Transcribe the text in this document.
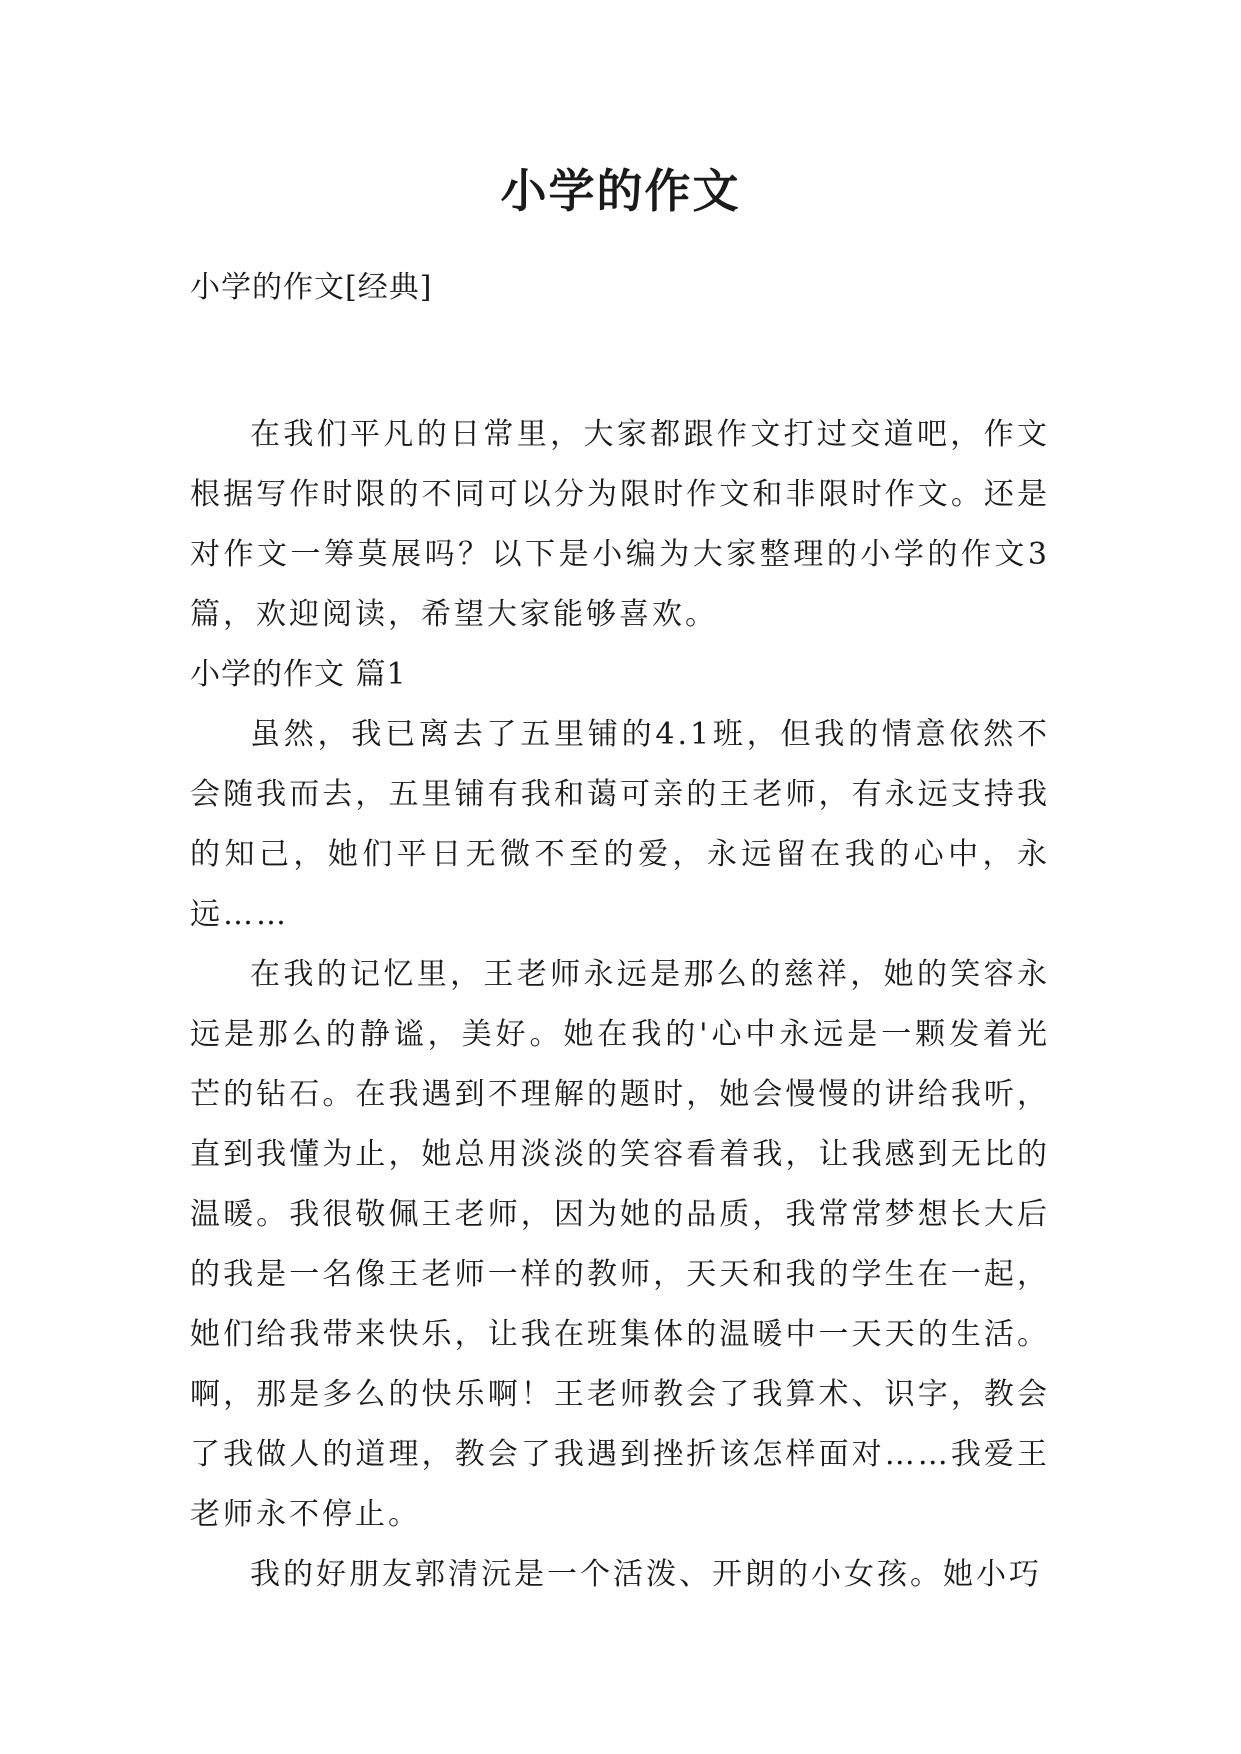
小学的作文
小学的作文[经典]

在我们平凡的日常里，大家都跟作文打过交道吧，作文根据写作时限的不同可以分为限时作文和非限时作文。还是对作文一筹莫展吗？以下是小编为大家整理的小学的作文3篇，欢迎阅读，希望大家能够喜欢。

小学的作文 篇1

虽然，我已离去了五里铺的4.1班，但我的情意依然不会随我而去，五里铺有我和蔼可亲的王老师，有永远支持我的知己，她们平日无微不至的爱，永远留在我的心中，永远……

在我的记忆里，王老师永远是那么的慈祥，她的笑容永远是那么的静谧，美好。她在我的'心中永远是一颗发着光芒的钻石。在我遇到不理解的题时，她会慢慢的讲给我听，直到我懂为止，她总用淡淡的笑容看着我，让我感到无比的温暖。我很敬佩王老师，因为她的品质，我常常梦想长大后的我是一名像王老师一样的教师，天天和我的学生在一起，她们给我带来快乐，让我在班集体的温暖中一天天的生活。啊，那是多么的快乐啊！王老师教会了我算术、识字，教会了我做人的道理，教会了我遇到挫折该怎样面对……我爱王老师永不停止。

我的好朋友郭清沅是一个活泼、开朗的小女孩。她小巧
